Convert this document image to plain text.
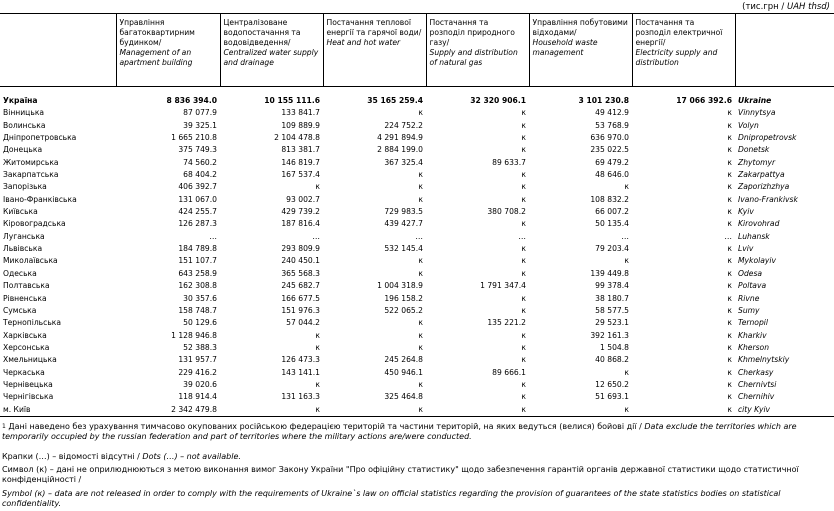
(тис.грн / UAH thsd)
	Управління багатоквартирним будинком/
Management of an apartment building	Централізоване водопостачання та водовідведення/
Centralized water supply and drainage	Постачання теплової енергії та гарячої води/
Heat and hot water	Постачання та розподіл природного газу/
Supply and distribution of natural gas	Управління побутовими відходами/
Household waste management	Постачання та розподіл електричної енергії/
Electricity supply and distribution	

Україна	8 836 394.0	10 155 111.6	35 165 259.4	32 320 906.1	3 101 230.8	17 066 392.6	Ukraine
Вінницька	87 077.9	133 841.7	к	к	49 412.9	к	Vinnytsya
Волинська	39 325.1	109 889.9	224 752.2	к	53 768.9	к	Volyn
Дніпропетровська	1 665 210.8	2 104 478.8	4 291 894.9	к	636 970.0	к	Dnipropetrovsk
Донецька	375 749.3	813 381.7	2 884 199.0	к	235 022.5	к	Donetsk
Житомирська	74 560.2	146 819.7	367 325.4	89 633.7	69 479.2	к	Zhytomyr
Закарпатська	68 404.2	167 537.4	к	к	48 646.0	к	Zakarpattya
Запорізька	406 392.7	к	к	к	к	к	Zaporizhzhya
Івано-Франківська	131 067.0	93 002.7	к	к	108 832.2	к	Ivano-Frankivsk
Київська	424 255.7	429 739.2	729 983.5	380 708.2	66 007.2	к	Kyiv
Кіровоградська	126 287.3	187 816.4	439 427.7	к	50 135.4	к	Kirovohrad
Луганська	…	…	…	…	…	…	Luhansk
Львівська	184 789.8	293 809.9	532 145.4	к	79 203.4	к	Lviv
Миколаївська	151 107.7	240 450.1	к	к	к	к	Mykolayiv
Одеська	643 258.9	365 568.3	к	к	139 449.8	к	Odesa
Полтавська	162 308.8	245 682.7	1 004 318.9	1 791 347.4	99 378.4	к	Poltava
Рівненська	30 357.6	166 677.5	196 158.2	к	38 180.7	к	Rivne
Сумська	158 748.7	151 976.3	522 065.2	к	58 577.5	к	Sumy
Тернопільська	50 129.6	57 044.2	к	135 221.2	29 523.1	к	Ternopil
Харківська	1 128 946.8	к	к	к	392 161.3	к	Kharkiv
Херсонська	52 388.3	к	к	к	1 504.8	к	Kherson
Хмельницька	131 957.7	126 473.3	245 264.8	к	40 868.2	к	Khmelnytskiy
Черкаська	229 416.2	143 141.1	450 946.1	89 666.1	к	к	Cherkasy
Чернівецька	39 020.6	к	к	к	12 650.2	к	Chernivtsi
Чернігівська	118 914.4	131 163.3	325 464.8	к	51 693.1	к	Chernihiv
м. Київ	2 342 479.8	к	к	к	к	к	city Kyiv
$^1$ Дані наведено без урахування тимчасово окупованих російською федерацією територій та частини територій, на яких ведуться (велися) бойові дії / Data exclude the territories which are temporarily occupied by the russian federation and part of territories where the military actions are/were conducted.
Крапки (…) – відомості відсутні / Dots (…) – not available.
Символ (к) – дані не оприлюднюються з метою виконання вимог Закону України "Про офіційну статистику" щодо забезпечення гарантій органів державної статистики щодо статистичної конфіденційності /
Symbol (к) – data are not released in order to comply with the requirements of Ukraine`s law on official statistics regarding the provision of guarantees of the state statistics bodies on statistical confidentiality.
